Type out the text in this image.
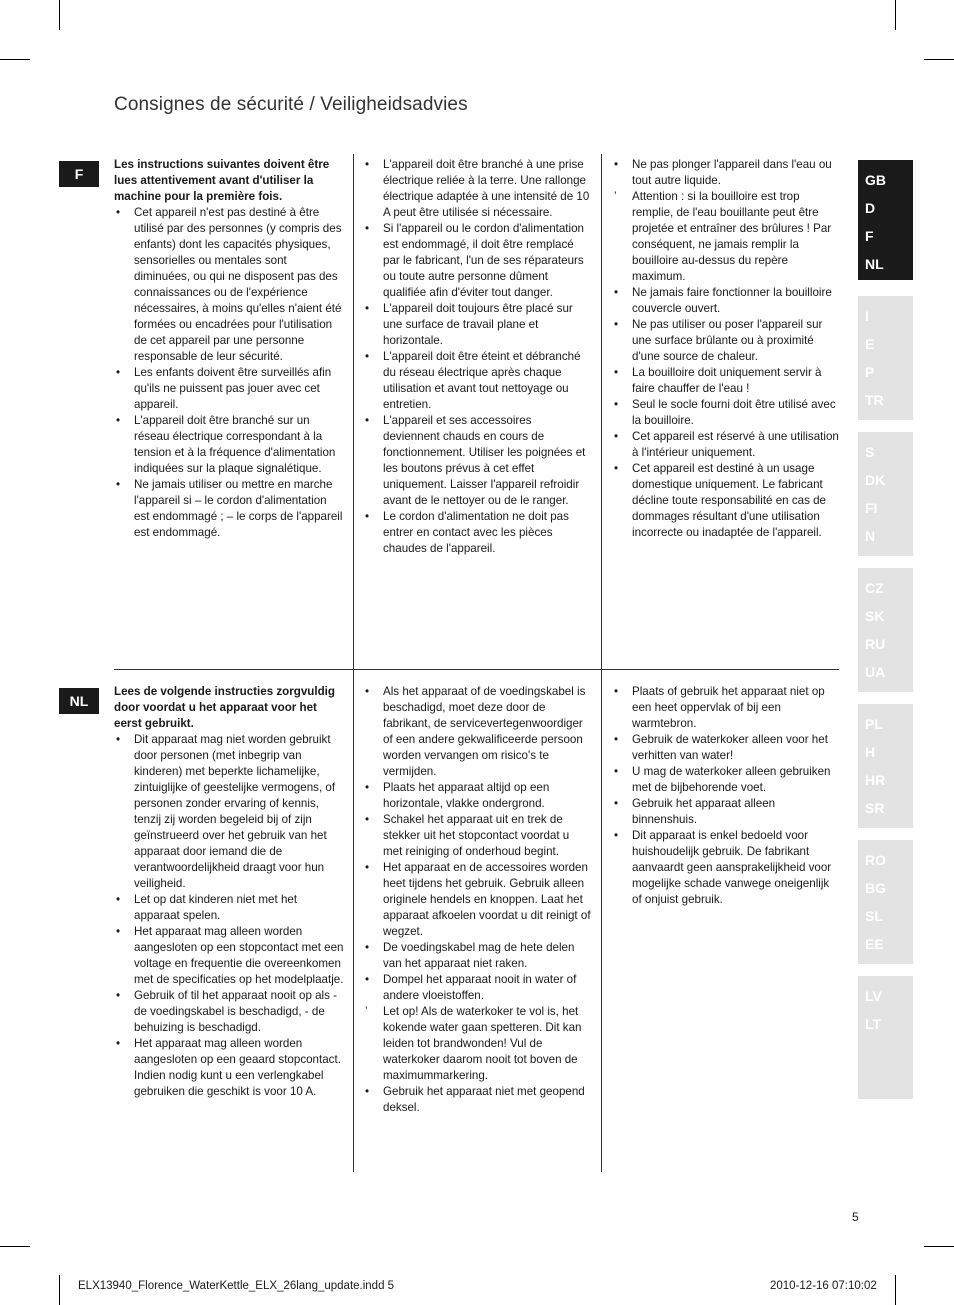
Consignes de sécurité / Veiligheidsadvies
F

Les instructions suivantes doivent être lues attentivement avant d'utiliser la machine pour la première fois.

• Cet appareil n'est pas destiné à être utilisé par des personnes (y compris des enfants) dont les capacités physiques, sensorielles ou mentales sont diminuées, ou qui ne disposent pas des connaissances ou de l'expérience nécessaires, à moins qu'elles n'aient été formées ou encadrées pour l'utilisation de cet appareil par une personne responsable de leur sécurité.
• Les enfants doivent être surveillés afin qu'ils ne puissent pas jouer avec cet appareil.
• L'appareil doit être branché sur un réseau électrique correspondant à la tension et à la fréquence d'alimentation indiquées sur la plaque signalétique.
• Ne jamais utiliser ou mettre en marche l'appareil si – le cordon d'alimentation est endommagé ; – le corps de l'appareil est endommagé.
• L'appareil doit être branché à une prise électrique reliée à la terre. Une rallonge électrique adaptée à une intensité de 10 A peut être utilisée si nécessaire.
• Si l'appareil ou le cordon d'alimentation est endommagé, il doit être remplacé par le fabricant, l'un de ses réparateurs ou toute autre personne dûment qualifiée afin d'éviter tout danger.
• L'appareil doit toujours être placé sur une surface de travail plane et horizontale.
• L'appareil doit être éteint et débranché du réseau électrique après chaque utilisation et avant tout nettoyage ou entretien.
• L'appareil et ses accessoires deviennent chauds en cours de fonctionnement. Utiliser les poignées et les boutons prévus à cet effet uniquement. Laisser l'appareil refroidir avant de le nettoyer ou de le ranger.
• Le cordon d'alimentation ne doit pas entrer en contact avec les pièces chaudes de l'appareil.
• Ne pas plonger l'appareil dans l'eau ou tout autre liquide.
’ Attention : si la bouilloire est trop remplie, de l'eau bouillante peut être projetée et entraîner des brûlures ! Par conséquent, ne jamais remplir la bouilloire au-dessus du repère maximum.
• Ne jamais faire fonctionner la bouilloire couvercle ouvert.
• Ne pas utiliser ou poser l'appareil sur une surface brûlante ou à proximité d'une source de chaleur.
• La bouilloire doit uniquement servir à faire chauffer de l'eau !
• Seul le socle fourni doit être utilisé avec la bouilloire.
• Cet appareil est réservé à une utilisation à l'intérieur uniquement.
• Cet appareil est destiné à un usage domestique uniquement. Le fabricant décline toute responsabilité en cas de dommages résultant d'une utilisation incorrecte ou inadaptée de l'appareil.
NL

Lees de volgende instructies zorgvuldig door voordat u het apparaat voor het eerst gebruikt.

• Dit apparaat mag niet worden gebruikt door personen (met inbegrip van kinderen) met beperkte lichamelijke, zintuiglijke of geestelijke vermogens, of personen zonder ervaring of kennis, tenzij zij worden begeleid bij of zijn geïnstrueerd over het gebruik van het apparaat door iemand die de verantwoordelijkheid draagt voor hun veiligheid.
• Let op dat kinderen niet met het apparaat spelen.
• Het apparaat mag alleen worden aangesloten op een stopcontact met een voltage en frequentie die overeenkomen met de specificaties op het modelplaatje.
• Gebruik of til het apparaat nooit op als - de voedingskabel is beschadigd, - de behuizing is beschadigd.
• Het apparaat mag alleen worden aangesloten op een geaard stopcontact. Indien nodig kunt u een verlengkabel gebruiken die geschikt is voor 10 A.
• Als het apparaat of de voedingskabel is beschadigd, moet deze door de fabrikant, de servicevertegenwoordiger of een andere gekwalificeerde persoon worden vervangen om risico's te vermijden.
• Plaats het apparaat altijd op een horizontale, vlakke ondergrond.
• Schakel het apparaat uit en trek de stekker uit het stopcontact voordat u met reiniging of onderhoud begint.
• Het apparaat en de accessoires worden heet tijdens het gebruik. Gebruik alleen originele hendels en knoppen. Laat het apparaat afkoelen voordat u dit reinigt of wegzet.
• De voedingskabel mag de hete delen van het apparaat niet raken.
• Dompel het apparaat nooit in water of andere vloeistoffen.
’ Let op! Als de waterkoker te vol is, het kokende water gaan spetteren. Dit kan leiden tot brandwonden! Vul de waterkoker daarom nooit tot boven de maximummarkering.
• Gebruik het apparaat niet met geopend deksel.
• Plaats of gebruik het apparaat niet op een heet oppervlak of bij een warmtebron.
• Gebruik de waterkoker alleen voor het verhitten van water!
• U mag de waterkoker alleen gebruiken met de bijbehorende voet.
• Gebruik het apparaat alleen binnenshuis.
• Dit apparaat is enkel bedoeld voor huishoudelijk gebruik. De fabrikant aanvaardt geen aansprakelijkheid voor mogelijke schade vanwege oneigenlijk of onjuist gebruik.
GB
D
F
NL
I
E
P
TR
S
DK
FI
N
CZ
SK
RU
UA
PL
H
HR
SR
RO
BG
SL
EE
LV
LT
5
ELX13940_Florence_WaterKettle_ELX_26lang_update.indd 5	2010-12-16 07:10:02
